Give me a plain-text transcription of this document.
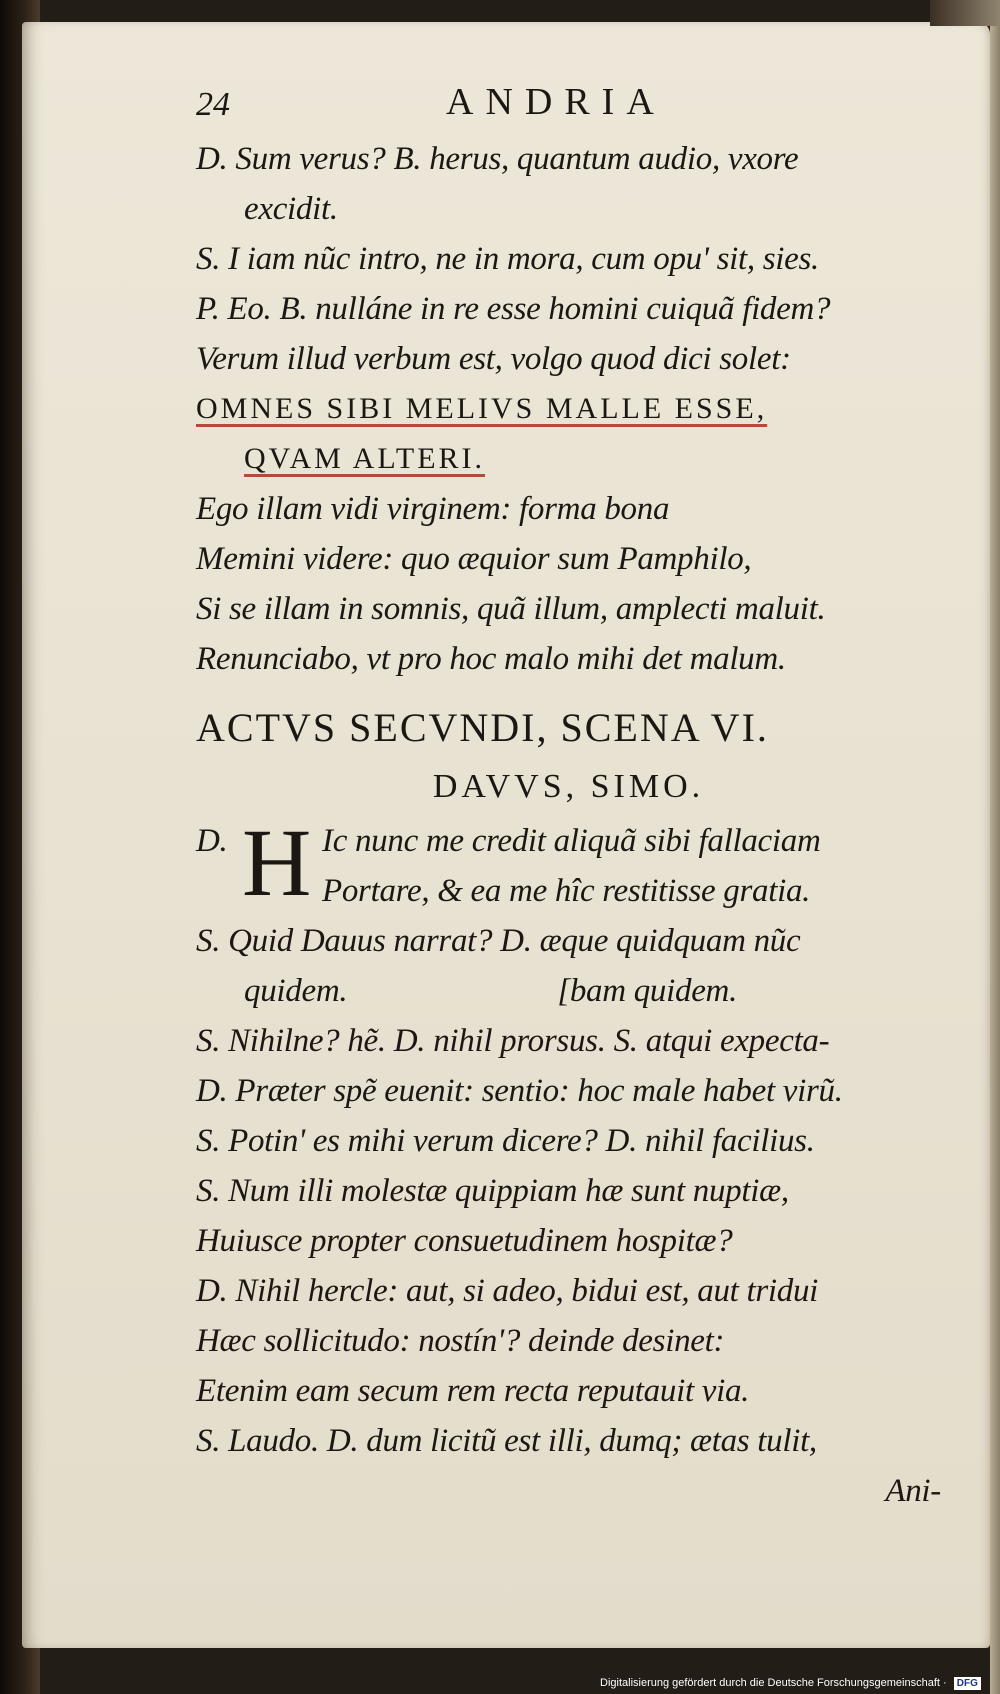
24	ANDRIA
D. Sum verus? B. herus, quantum audio, vxore
excidit.
S. I iam nũc intro, ne in mora, cum opu' sit, sies.
P. Eo. B. nulláne in re esse homini cuiquã fidem?
Verum illud verbum est, volgo quod dici solet:
OMNES SIBI MELIVS MALLE ESSE,
QVAM ALTERI.
Ego illam vidi virginem: forma bona
Memini videre: quo æquior sum Pamphilo,
Si se illam in somnis, quã illum, amplecti maluit.
Renunciabo, vt pro hoc malo mihi det malum.
ACTVS SECVNDI, SCENA VI.
DAVVS, SIMO.
D. H Ic nunc me credit aliquã sibi fallaciam
Portare, & ea me hîc restitisse gratia.
S. Quid Dauus narrat? D. æque quidquam nũc
quidem.	[bam quidem.
S. Nihilne? hẽ. D. nihil prorsus. S. atqui expecta-
D. Præter spẽ euenit: sentio: hoc male habet virũ.
S. Potin' es mihi verum dicere? D. nihil facilius.
S. Num illi molestæ quippiam hæ sunt nuptiæ,
Huiusce propter consuetudinem hospitæ?
D. Nihil hercle: aut, si adeo, bidui est, aut tridui
Hæc sollicitudo: nostín'? deinde desinet:
Etenim eam secum rem recta reputauit via.
S. Laudo. D. dum licitũ est illi, dumq; ætas tulit,
Ani-
Digitalisierung gefördert durch die Deutsche Forschungsgemeinschaft · DFG
